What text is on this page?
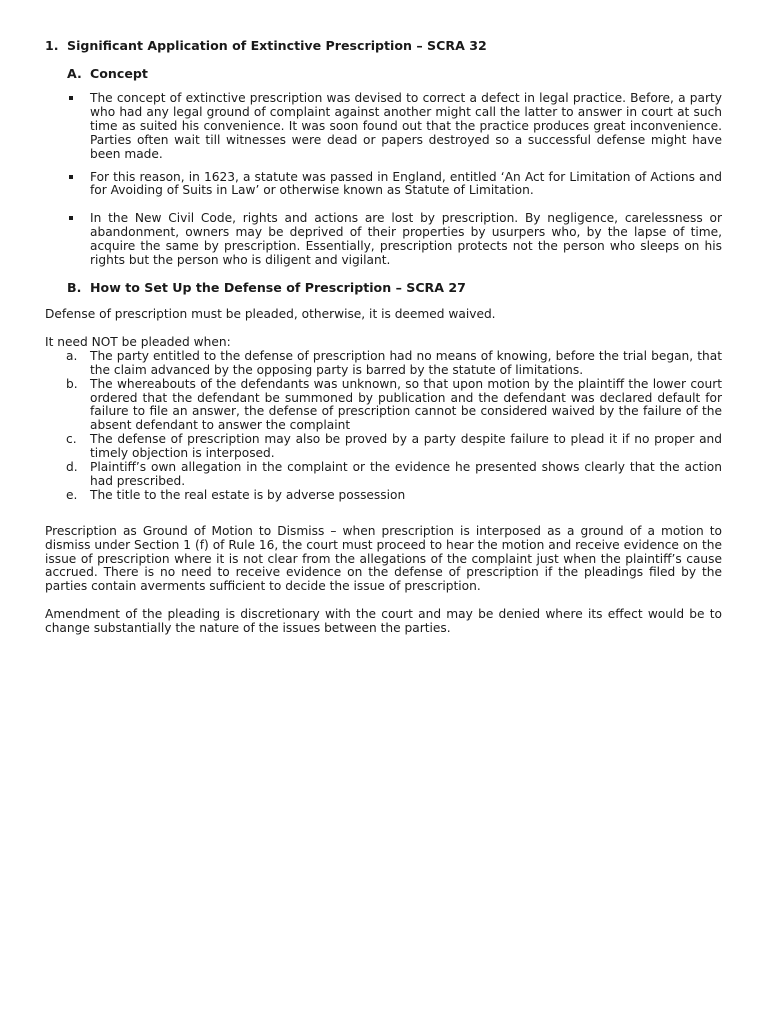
1. Significant Application of Extinctive Prescription – SCRA 32
A. Concept
The concept of extinctive prescription was devised to correct a defect in legal practice. Before, a party who had any legal ground of complaint against another might call the latter to answer in court at such time as suited his convenience. It was soon found out that the practice produces great inconvenience. Parties often wait till witnesses were dead or papers destroyed so a successful defense might have been made.
For this reason, in 1623, a statute was passed in England, entitled ‘An Act for Limitation of Actions and for Avoiding of Suits in Law’ or otherwise known as Statute of Limitation.
In the New Civil Code, rights and actions are lost by prescription. By negligence, carelessness or abandonment, owners may be deprived of their properties by usurpers who, by the lapse of time, acquire the same by prescription. Essentially, prescription protects not the person who sleeps on his rights but the person who is diligent and vigilant.
B. How to Set Up the Defense of Prescription – SCRA 27

Defense of prescription must be pleaded, otherwise, it is deemed waived.

It need NOT be pleaded when:

a.	The party entitled to the defense of prescription had no means of knowing, before the trial began, that the claim advanced by the opposing party is barred by the statute of limitations.
b.	The whereabouts of the defendants was unknown, so that upon motion by the plaintiff the lower court ordered that the defendant be summoned by publication and the defendant was declared default for failure to file an answer, the defense of prescription cannot be considered waived by the failure of the absent defendant to answer the complaint
c.	The defense of prescription may also be proved by a party despite failure to plead it if no proper and timely objection is interposed.
d.	Plaintiff’s own allegation in the complaint or the evidence he presented shows clearly that the action had prescribed.
e.	The title to the real estate is by adverse possession

Prescription as Ground of Motion to Dismiss – when prescription is interposed as a ground of a motion to dismiss under Section 1 (f) of Rule 16, the court must proceed to hear the motion and receive evidence on the issue of prescription where it is not clear from the allegations of the complaint just when the plaintiff’s cause accrued. There is no need to receive evidence on the defense of prescription if the pleadings filed by the parties contain averments sufficient to decide the issue of prescription.

Amendment of the pleading is discretionary with the court and may be denied where its effect would be to change substantially the nature of the issues between the parties.
